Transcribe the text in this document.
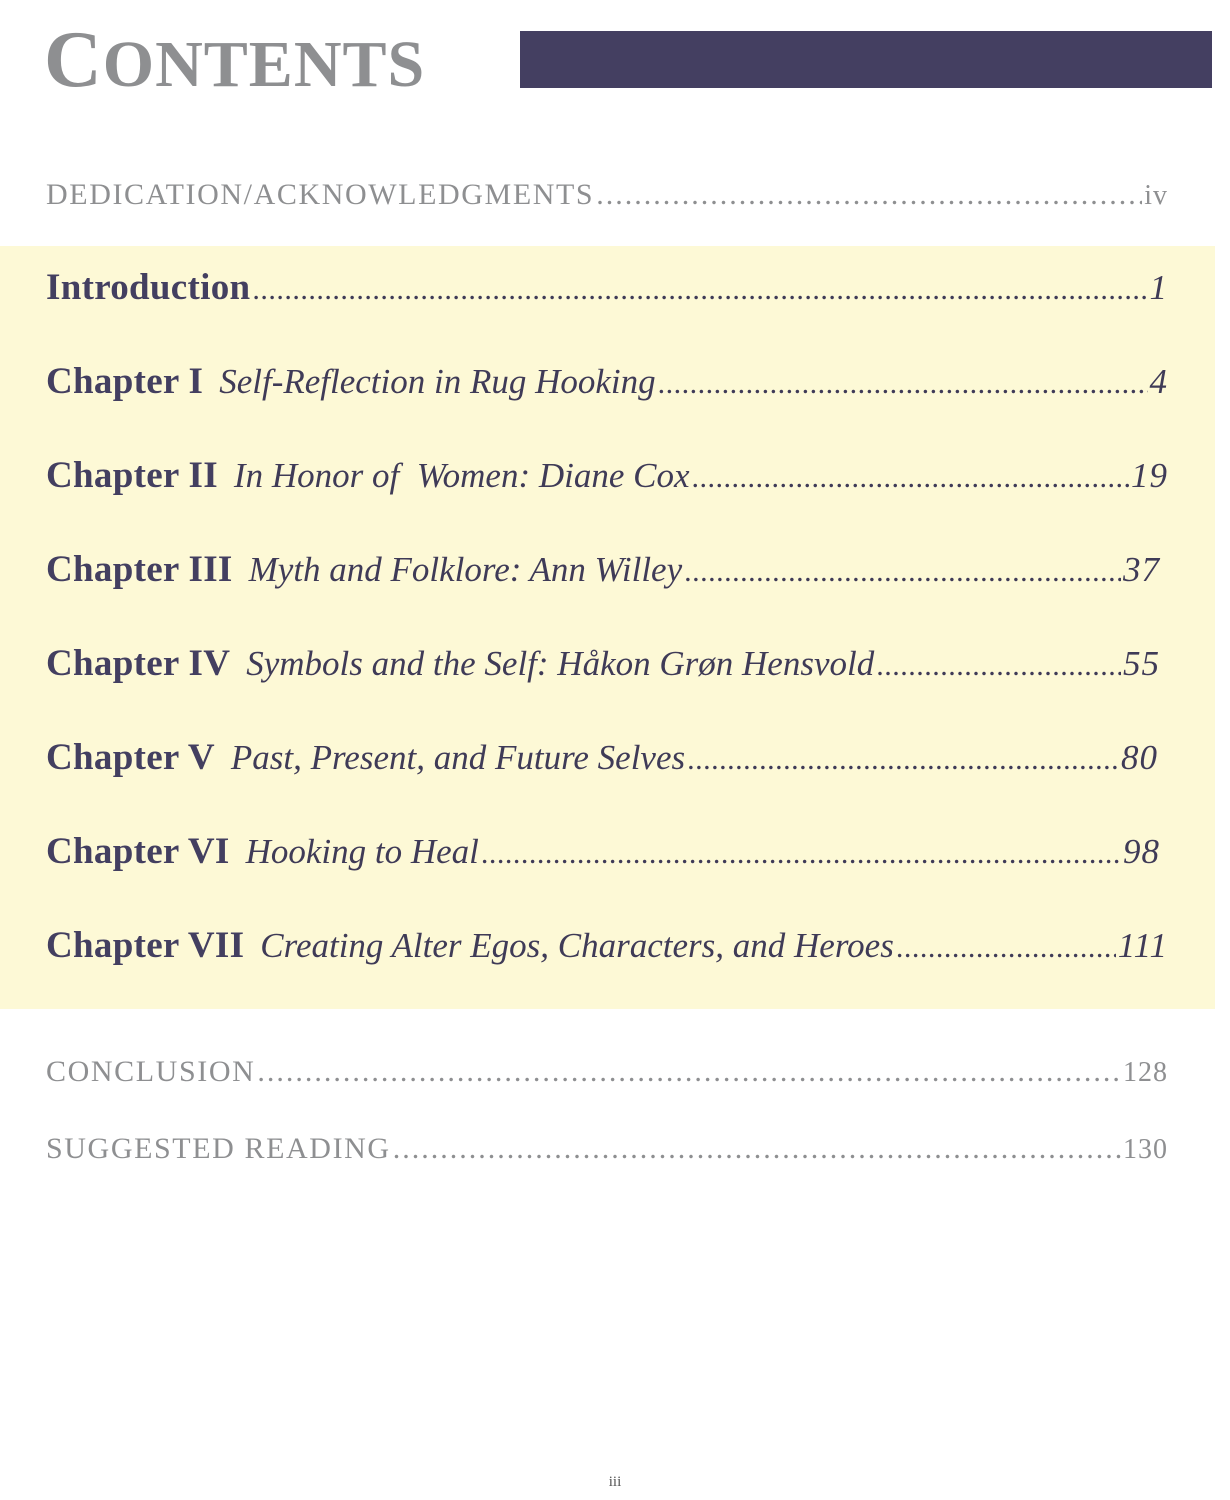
CONTENTS
DEDICATION/ACKNOWLEDGMENTS .....	iv
Introduction .....	1
Chapter I Self-Reflection in Rug Hooking .....	4
Chapter II In Honor of  Women: Diane Cox .....	19
Chapter III Myth and Folklore: Ann Willey .....	37
Chapter IV Symbols and the Self: Håkon Grøn Hensvold .....	55
Chapter V Past, Present, and Future Selves .....	80
Chapter VI Hooking to Heal .....	98
Chapter VII Creating Alter Egos, Characters, and Heroes .....	111
CONCLUSION .....	128
SUGGESTED READING .....	130
iii
